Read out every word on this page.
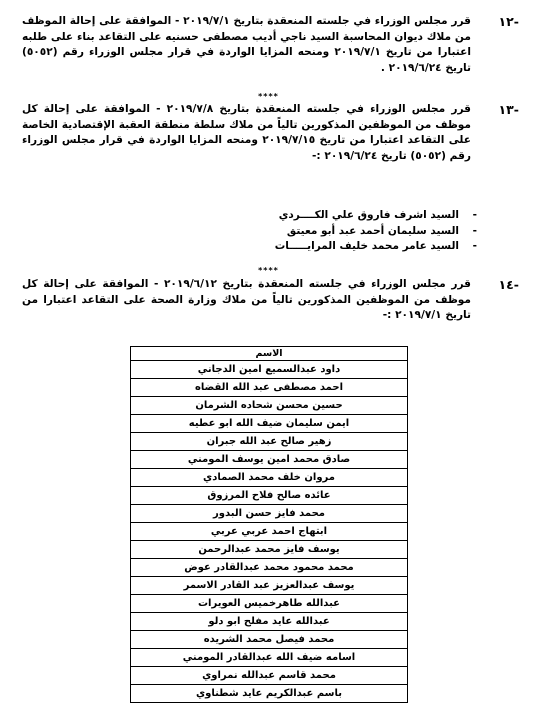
١٢-

قرر مجلس الوزراء في جلسته المنعقدة بتاريخ ٢٠١٩/٧/١ - الموافقة على إحالة الموظف من ملاك ديوان المحاسبة السيد ناجي أديب مصطفى حسنيه على التقاعد بناء على طلبه اعتبارا من تاريخ ٢٠١٩/٧/١ ومنحه المزايا الواردة في قرار مجلس الوزراء رقم (٥٠٥٢) تاريخ ٢٠١٩/٦/٢٤ .

****
١٣-

قرر مجلس الوزراء في جلسته المنعقدة بتاريخ ٢٠١٩/٧/٨ - الموافقة على إحالة كل موظف من الموظفين المذكورين تالياً من ملاك سلطة منطقة العقبة الإقتصادية الخاصة على التقاعد اعتبارا من تاريخ ٢٠١٩/٧/١٥ ومنحه المزايا الواردة في قرار مجلس الوزراء رقم (٥٠٥٢) تاريخ ٢٠١٩/٦/٢٤ :-

-السيد اشرف فاروق علي الكــــردي
-السيد سليمان أحمد عبد أبو معيتق
-السيد عامر محمد خليف المرايـــــات
****
١٤-

قرر مجلس الوزراء في جلسته المنعقدة بتاريخ ٢٠١٩/٦/١٢ - الموافقة على إحالة كل موظف من الموظفين المذكورين تالياً من ملاك وزارة الصحة على التقاعد اعتبارا من تاريخ ٢٠١٩/٧/١ :-

الاسم
داود عبدالسميع امين الدجاني
احمد مصطفى عبد الله القضاه
حسين محسن شحاده الشرمان
ايمن سليمان ضيف الله ابو عطيه
زهير صالح عبد الله جبران
صادق محمد امين يوسف المومني
مروان خلف محمد الصمادي
عائده صالح فلاح المرزوق
محمد فايز حسن البدور
ابتهاج احمد عربي عربي
يوسف فايز محمد عبدالرحمن
محمد محمود محمد عبدالقادر عوض
يوسف عبدالعزيز عبد القادر الاسمر
عبدالله طاهرخميس العويرات
عبدالله عايد مفلح ابو دلو
محمد فيصل محمد الشريده
اسامه ضيف الله عبدالقادر المومني
محمد قاسم عبدالله نمراوي
باسم عبدالكريم عايد شطناوي
